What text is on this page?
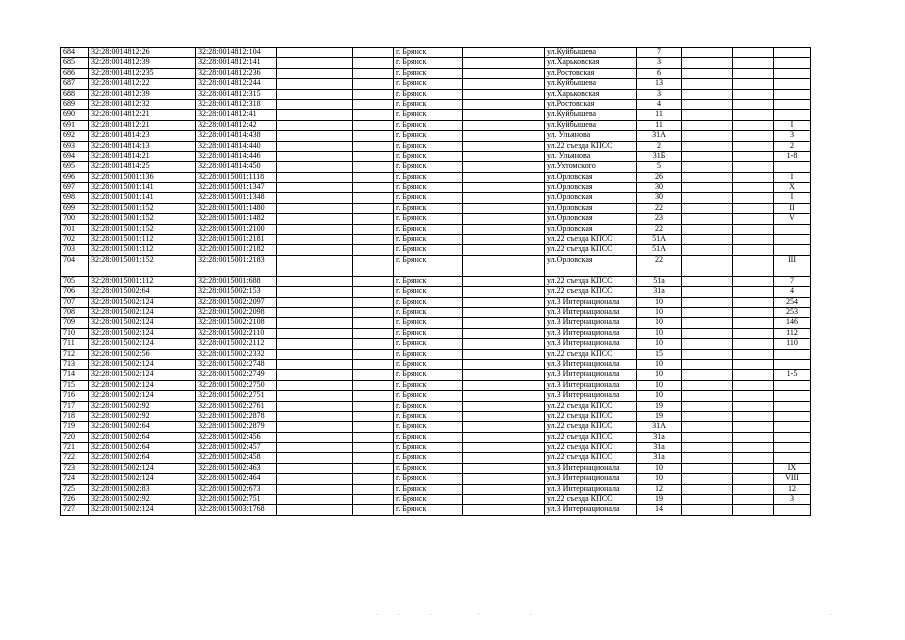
684	32:28:0014812:26	32:28:0014812:104			г. Брянск		ул.Куйбышева	7			
685	32:28:0014812:39	32:28:0014812:141			г. Брянск		ул.Харьковская	3			
686	32:28:0014812:235	32:28:0014812:236			г. Брянск		ул.Ростовская	6			
687	32:28:0014812:22	32:28:0014812:244			г. Брянск		ул.Куйбышева	13			
688	32:28:0014812:39	32:28:0014812:315			г. Брянск		ул.Харьковская	3			
689	32:28:0014812:32	32:28:0014812:318			г. Брянск		ул.Ростовская	4			
690	32:28:0014812:21	32:28:0014812:41			г. Брянск		ул.Куйбышева	11			
691	32:28:0014812:21	32:28:0014812:42			г. Брянск		ул.Куйбышева	11			I
692	32:28:0014814:23	32:28:0014814:438			г. Брянск		ул. Ульянова	31А			3
693	32:28:0014814:13	32:28:0014814:440			г. Брянск		ул.22 съезда КПСС	2			2
694	32:28:0014814:21	32:28:0014814:446			г. Брянск		ул. Ульянова	31Б			1-8
695	32:28:0014814:25	32:28:0014814:450			г. Брянск		ул.Ухтомского	5			
696	32:28:0015001:136	32:28:0015001:1118			г. Брянск		ул.Орловская	26			I
697	32:28:0015001:141	32:28:0015001:1347			г. Брянск		ул.Орловская	30			X
698	32:28:0015001:141	32:28:0015001:1348			г. Брянск		ул.Орловская	30			I
699	32:28:0015001:152	32:28:0015001:1480			г. Брянск		ул.Орловская	22			II
700	32:28:0015001:152	32:28:0015001:1482			г. Брянск		ул.Орловская	23			V
701	32:28:0015001:152	32:28:0015001:2100			г. Брянск		ул.Орловская	22			
702	32:28:0015001:112	32:28:0015001:2181			г. Брянск		ул.22 съезда КПСС	51А			
703	32:28:0015001:112	32:28:0015001:2182			г. Брянск		ул.22 съезда КПСС	51А			
704	32:28:0015001:152	32:28:0015001:2183			г. Брянск		ул.Орловская	22			III
705	32:28:0015001:112	32:28:0015001:688			г. Брянск		ул.22 съезда КПСС	51а			7
706	32:28:0015002:64	32:28:0015002:153			г. Брянск		ул.22 съезда КПСС	31а			4
707	32:28:0015002:124	32:28:0015002:2097			г. Брянск		ул.3 Интернационала	10			254
708	32:28:0015002:124	32:28:0015002:2098			г. Брянск		ул.3 Интернационала	10			253
709	32:28:0015002:124	32:28:0015002:2108			г. Брянск		ул.3 Интернационала	10			146
710	32:28:0015002:124	32:28:0015002:2110			г. Брянск		ул.3 Интернационала	10			112
711	32:28:0015002:124	32:28:0015002:2112			г. Брянск		ул.3 Интернационала	10			110
712	32:28:0015002:56	32:28:0015002:2332			г. Брянск		ул.22 съезда КПСС	15			
713	32:28:0015002:124	32:28:0015002:2748			г. Брянск		ул.3 Интернационала	10			
714	32:28:0015002:124	32:28:0015002:2749			г. Брянск		ул.3 Интернационала	10			1-5
715	32:28:0015002:124	32:28:0015002:2750			г. Брянск		ул.3 Интернационала	10			
716	32:28:0015002:124	32:28:0015002:2751			г. Брянск		ул.3 Интернационала	10			
717	32:28:0015002:92	32:28:0015002:2761			г. Брянск		ул.22 съезда КПСС	19			
718	32:28:0015002:92	32:28:0015002:2878			г. Брянск		ул.22 съезда КПСС	19			
719	32:28:0015002:64	32:28:0015002:2879			г. Брянск		ул.22 съезда КПСС	31А			
720	32:28:0015002:64	32:28:0015002:456			г. Брянск		ул.22 съезда КПСС	31а			
721	32:28:0015002:64	32:28:0015002:457			г. Брянск		ул.22 съезда КПСС	31а			
722	32:28:0015002:64	32:28:0015002:458			г. Брянск		ул.22 съезда КПСС	31а			
723	32:28:0015002:124	32:28:0015002:463			г. Брянск		ул.3 Интернационала	10			IX
724	32:28:0015002:124	32:28:0015002:464			г. Брянск		ул.3 Интернационала	10			VIII
725	32:28:0015002:83	32:28:0015002:673			г. Брянск		ул.3 Интернационала	12			12
726	32:28:0015002:92	32:28:0015002:751			г. Брянск		ул.22 съезда КПСС	19			3
727	32:28:0015002:124	32:28:0015003:1768			г. Брянск		ул.3 Интернационала	14			
